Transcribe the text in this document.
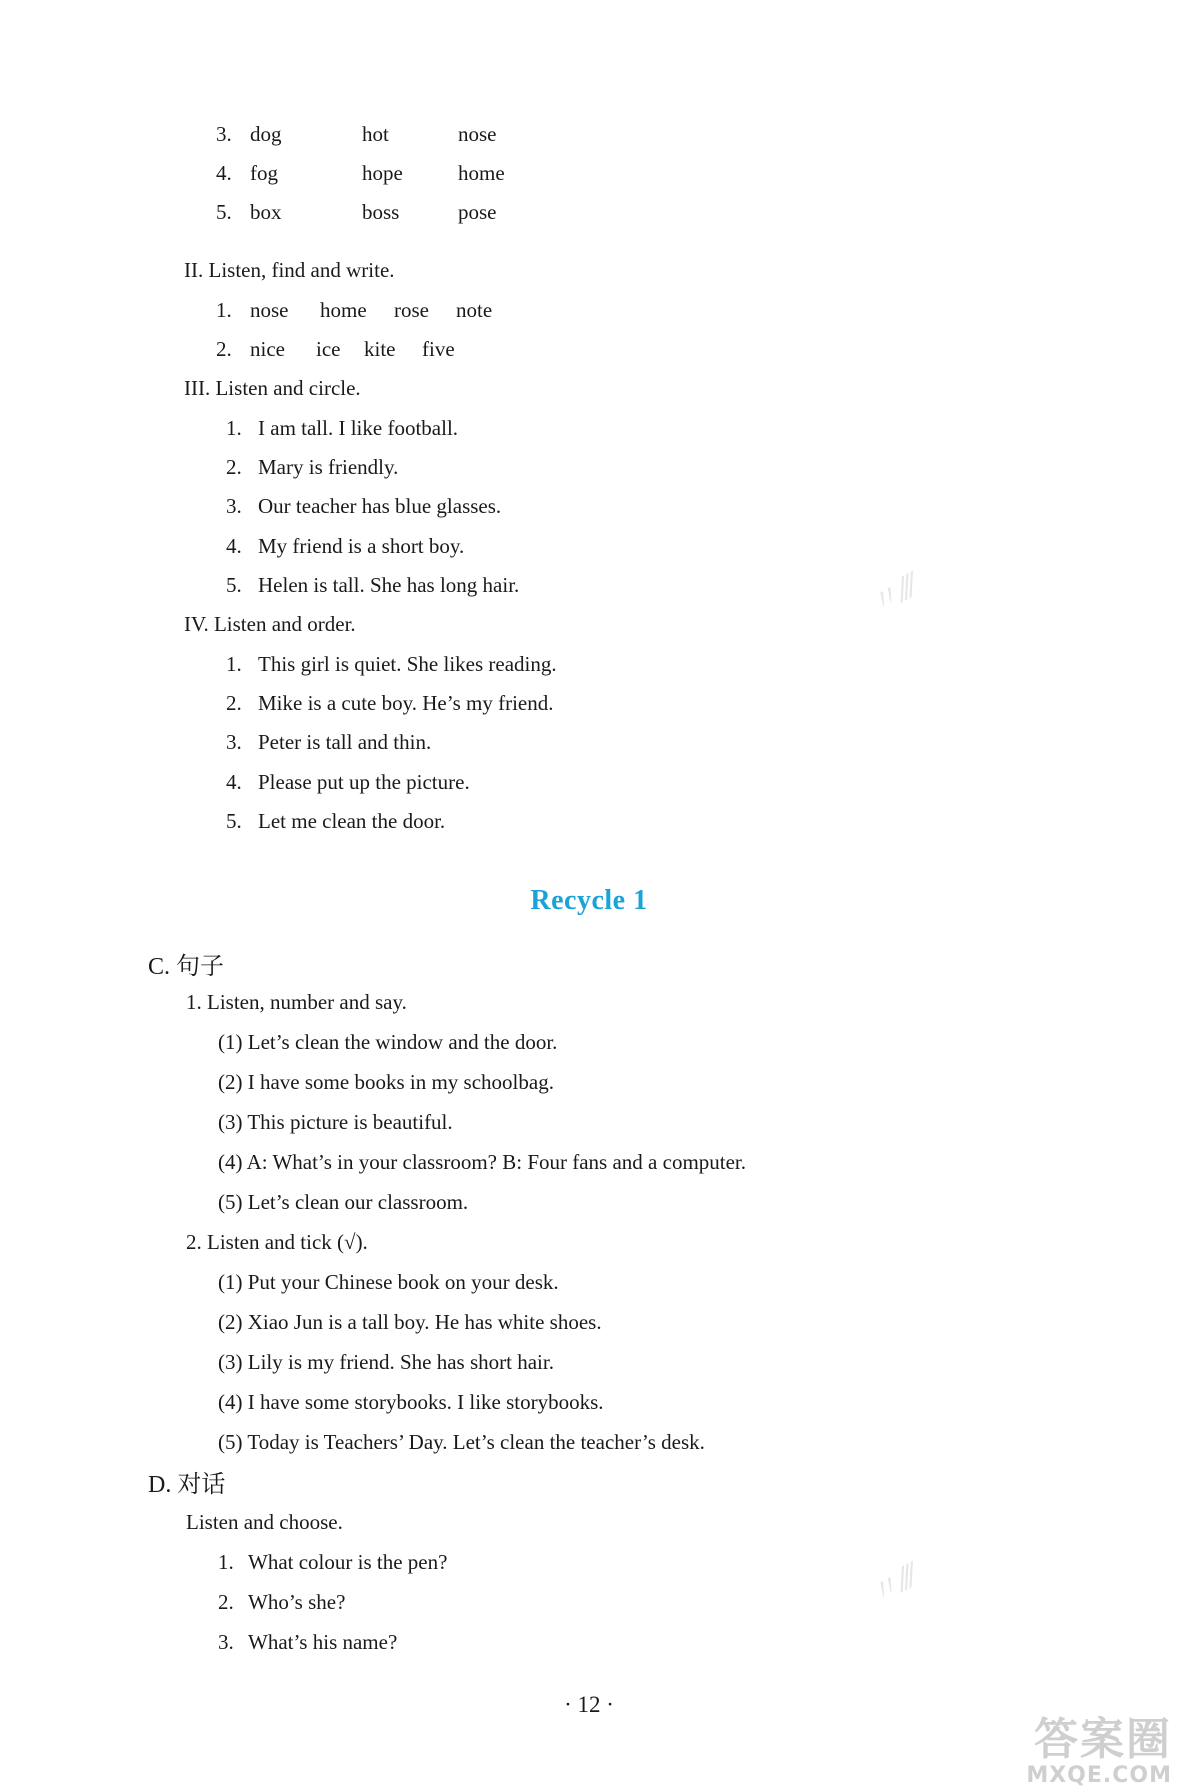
3. dog	hot	nose
4. fog	hope	home
5. box	boss	pose
II. Listen, find and write.
1. nose home rose note
2. nice ice kite five
III. Listen and circle.
1. I am tall. I like football.
2. Mary is friendly.
3. Our teacher has blue glasses.
4. My friend is a short boy.
5. Helen is tall. She has long hair.
IV. Listen and order.
1. This girl is quiet. She likes reading.
2. Mike is a cute boy. He’s my friend.
3. Peter is tall and thin.
4. Please put up the picture.
5. Let me clean the door.
Recycle 1
C. 句子
1. Listen, number and say.
(1) Let’s clean the window and the door.
(2) I have some books in my schoolbag.
(3) This picture is beautiful.
(4) A: What’s in your classroom? B: Four fans and a computer.
(5) Let’s clean our classroom.
2. Listen and tick (√).
(1) Put your Chinese book on your desk.
(2) Xiao Jun is a tall boy. He has white shoes.
(3) Lily is my friend. She has short hair.
(4) I have some storybooks. I like storybooks.
(5) Today is Teachers’ Day. Let’s clean the teacher’s desk.
D. 对话
Listen and choose.
1. What colour is the pen?
2. Who’s she?
3. What’s his name?
· 12 ·
〃⁄⁄⁄
〃⁄⁄⁄
答案圈
MXQE.COM
